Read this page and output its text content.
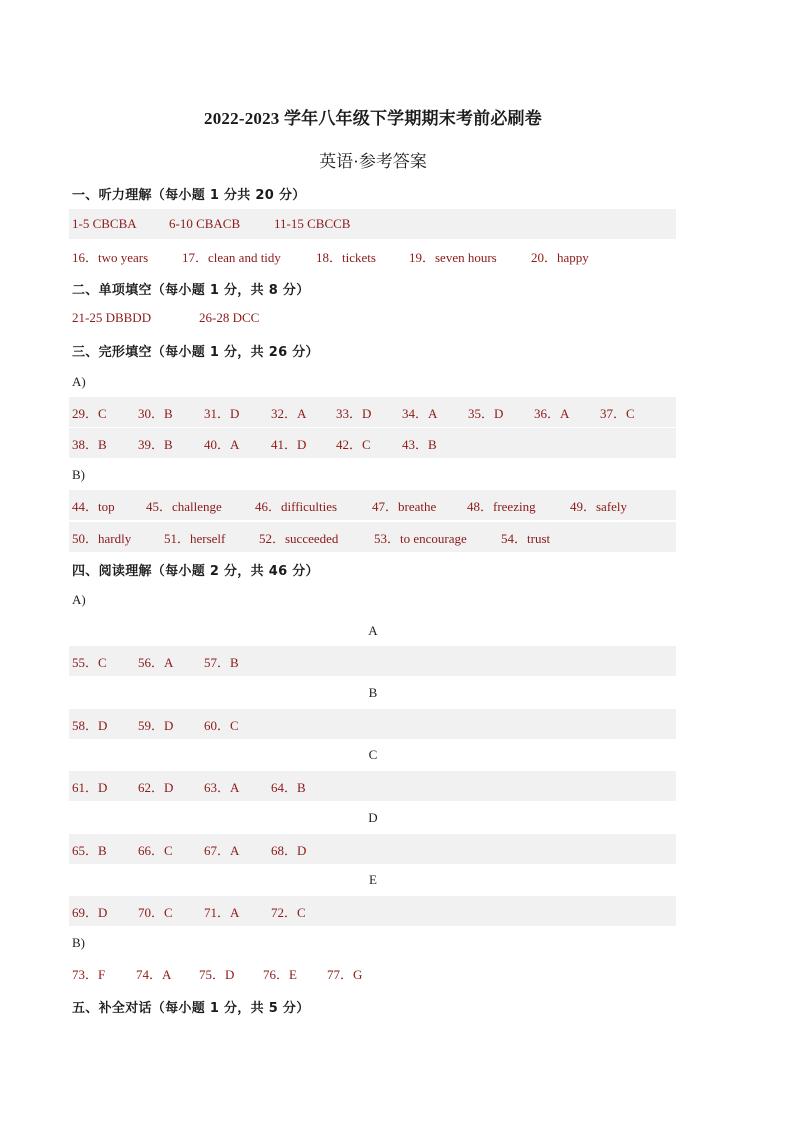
2022-2023 学年八年级下学期期末考前必刷卷
英语·参考答案
一、听力理解（每小题 1 分共 20 分）
1-5 CBCBA	6-10 CBACB	11-15 CBCCB
16．two years	17．clean and tidy	18．tickets	19．seven hours	20．happy
二、单项填空（每小题 1 分，共 8 分）
21-25 DBBDD	26-28 DCC
三、完形填空（每小题 1 分，共 26 分）
A)
29．C	30．B	31．D	32．A	33．D	34．A	35．D	36．A	37．C
38．B	39．B	40．A	41．D	42．C	43．B
B)
44．top	45．challenge	46．difficulties	47．breathe	48．freezing	49．safely
50．hardly	51．herself	52．succeeded	53．to encourage	54．trust
四、阅读理解（每小题 2 分，共 46 分）
A)
A
55．C	56．A	57．B
B
58．D	59．D	60．C
C
61．D	62．D	63．A	64．B
D
65．B	66．C	67．A	68．D
E
69．D	70．C	71．A	72．C
B)
73．F	74．A	75．D	76．E	77．G
五、补全对话（每小题 1 分，共 5 分）
